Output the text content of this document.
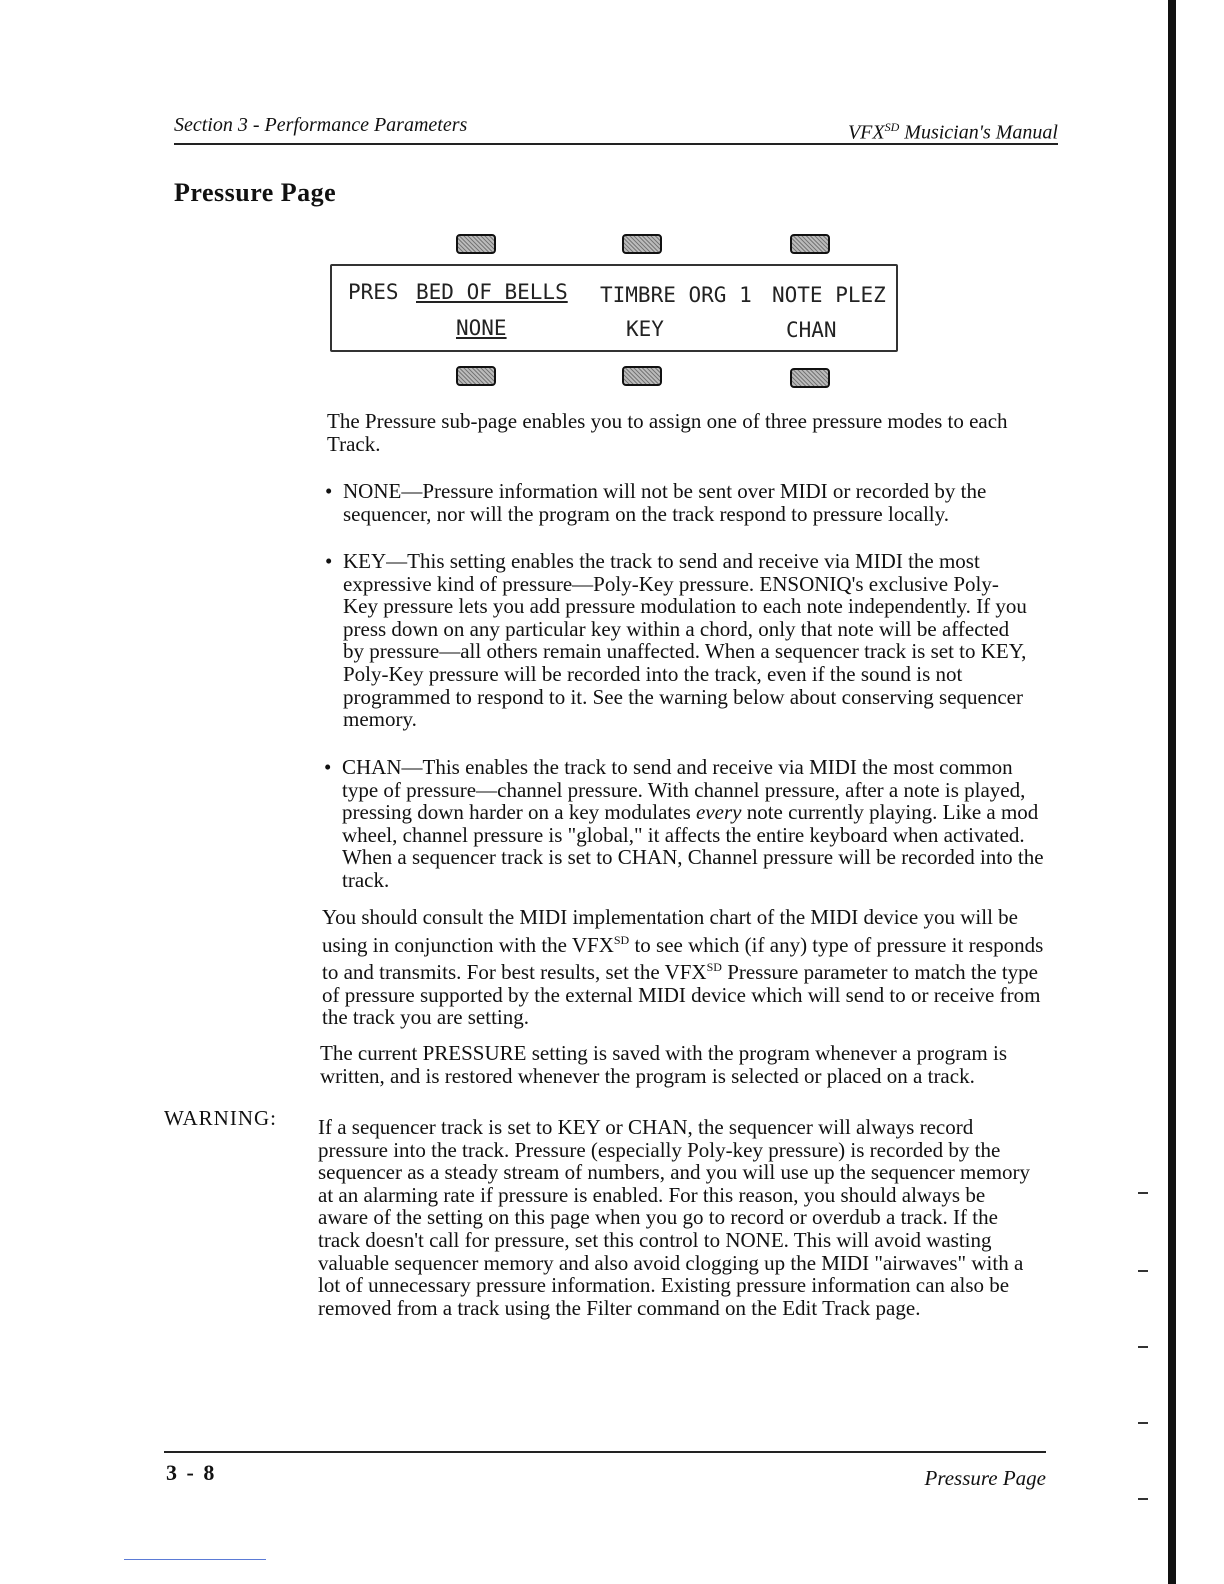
Section 3 - Performance Parameters	$VFX^{SD}$ Musician's Manual
Pressure Page
PRES BED OF BELLS TIMBRE ORG 1 NOTE PLEZ
NONE	KEY	CHAN
The Pressure sub-page enables you to assign one of three pressure modes to each Track.
• NONE—Pressure information will not be sent over MIDI or recorded by the sequencer, nor will the program on the track respond to pressure locally.
• KEY—This setting enables the track to send and receive via MIDI the most expressive kind of pressure—Poly-Key pressure. ENSONIQ's exclusive Poly-Key pressure lets you add pressure modulation to each note independently. If you press down on any particular key within a chord, only that note will be affected by pressure—all others remain unaffected. When a sequencer track is set to KEY, Poly-Key pressure will be recorded into the track, even if the sound is not programmed to respond to it. See the warning below about conserving sequencer memory.
• CHAN—This enables the track to send and receive via MIDI the most common type of pressure—channel pressure. With channel pressure, after a note is played, pressing down harder on a key modulates every note currently playing. Like a mod wheel, channel pressure is "global," it affects the entire keyboard when activated. When a sequencer track is set to CHAN, Channel pressure will be recorded into the track.
You should consult the MIDI implementation chart of the MIDI device you will be using in conjunction with the $VFX^{SD}$ to see which (if any) type of pressure it responds to and transmits. For best results, set the $VFX^{SD}$ Pressure parameter to match the type of pressure supported by the external MIDI device which will send to or receive from the track you are setting.
The current PRESSURE setting is saved with the program whenever a program is written, and is restored whenever the program is selected or placed on a track.
WARNING: If a sequencer track is set to KEY or CHAN, the sequencer will always record pressure into the track. Pressure (especially Poly-key pressure) is recorded by the sequencer as a steady stream of numbers, and you will use up the sequencer memory at an alarming rate if pressure is enabled. For this reason, you should always be aware of the setting on this page when you go to record or overdub a track. If the track doesn't call for pressure, set this control to NONE. This will avoid wasting valuable sequencer memory and also avoid clogging up the MIDI "airwaves" with a lot of unnecessary pressure information. Existing pressure information can also be removed from a track using the Filter command on the Edit Track page.
3 - 8	Pressure Page
